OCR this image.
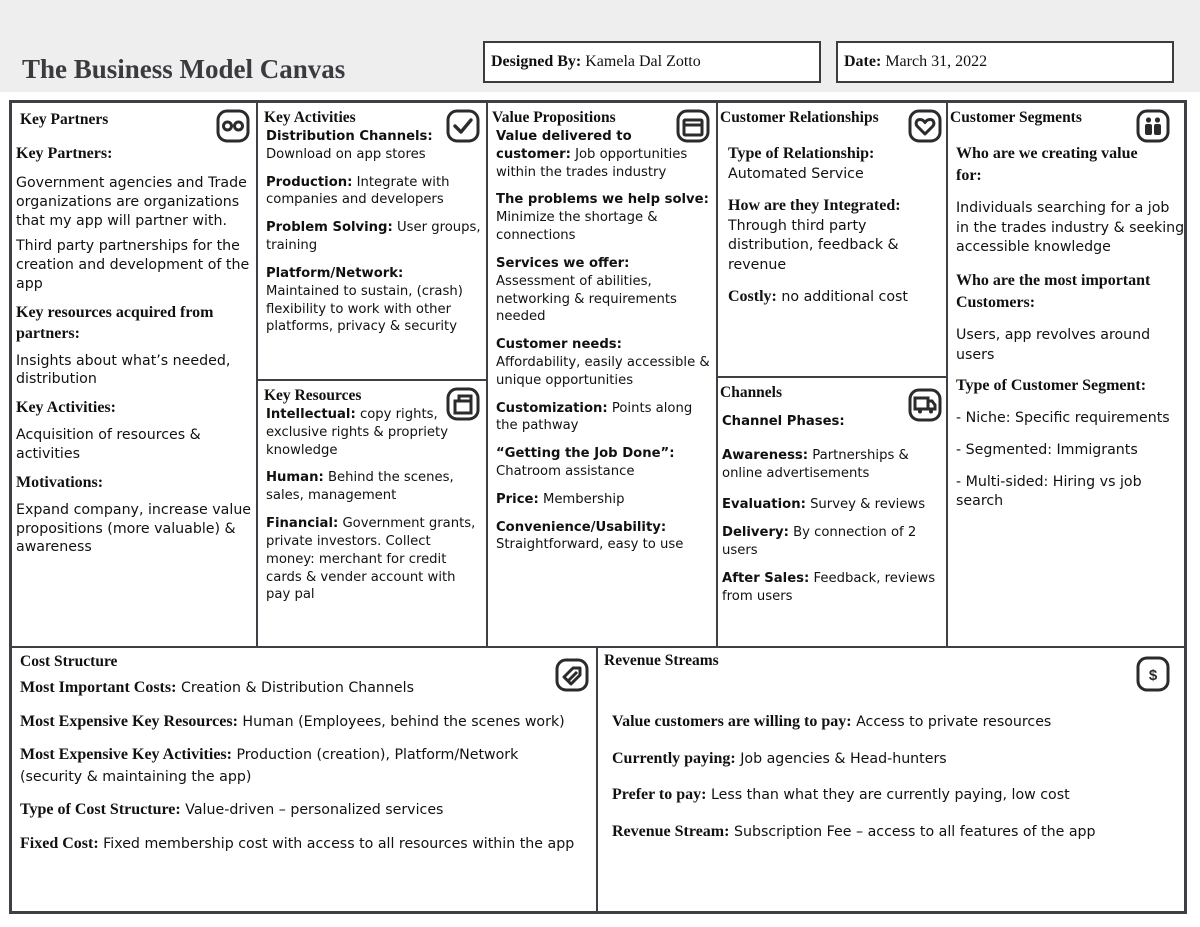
The Business Model Canvas	Designed By: Kamela Dal Zotto	Date: March 31, 2022
Key Partners

Key Partners:

Government agencies and Trade organizations are organizations that my app will partner with.

Third party partnerships for the creation and development of the app

Key resources acquired from partners:

Insights about what’s needed, distribution

Key Activities:

Acquisition of resources & activities

Motivations:

Expand company, increase value propositions (more valuable) & awareness

Key Activities

Distribution Channels:
Download on app stores

Production: Integrate with companies and developers

Problem Solving: User groups, training

Platform/Network:
Maintained to sustain, (crash) flexibility to work with other platforms, privacy & security

Key Resources

Intellectual: copy rights, exclusive rights & propriety knowledge

Human: Behind the scenes, sales, management

Financial: Government grants, private investors. Collect money: merchant for credit cards & vender account with pay pal

Value Propositions

Value delivered to customer: Job opportunities within the trades industry

The problems we help solve: Minimize the shortage & connections

Services we offer:
Assessment of abilities, networking & requirements needed

Customer needs:
Affordability, easily accessible & unique opportunities

Customization: Points along the pathway

“Getting the Job Done”:
Chatroom assistance

Price: Membership

Convenience/Usability:
Straightforward, easy to use

Customer Relationships

Type of Relationship:
Automated Service

How are they Integrated:
Through third party distribution, feedback & revenue

Costly: no additional cost

Channels

Channel Phases:

Awareness: Partnerships & online advertisements

Evaluation: Survey & reviews

Delivery: By connection of 2 users

After Sales: Feedback, reviews from users

Customer Segments

Who are we creating value for:

Individuals searching for a job in the trades industry & seeking accessible knowledge

Who are the most important Customers:

Users, app revolves around users

Type of Customer Segment:

- Niche: Specific requirements

- Segmented: Immigrants

- Multi-sided: Hiring vs job search

Cost Structure

Most Important Costs: Creation & Distribution Channels

Most Expensive Key Resources: Human (Employees, behind the scenes work)

Most Expensive Key Activities: Production (creation), Platform/Network (security & maintaining the app)

Type of Cost Structure: Value-driven – personalized services

Fixed Cost: Fixed membership cost with access to all resources within the app

Revenue Streams
$

Value customers are willing to pay: Access to private resources

Currently paying: Job agencies & Head-hunters

Prefer to pay: Less than what they are currently paying, low cost

Revenue Stream: Subscription Fee – access to all features of the app
